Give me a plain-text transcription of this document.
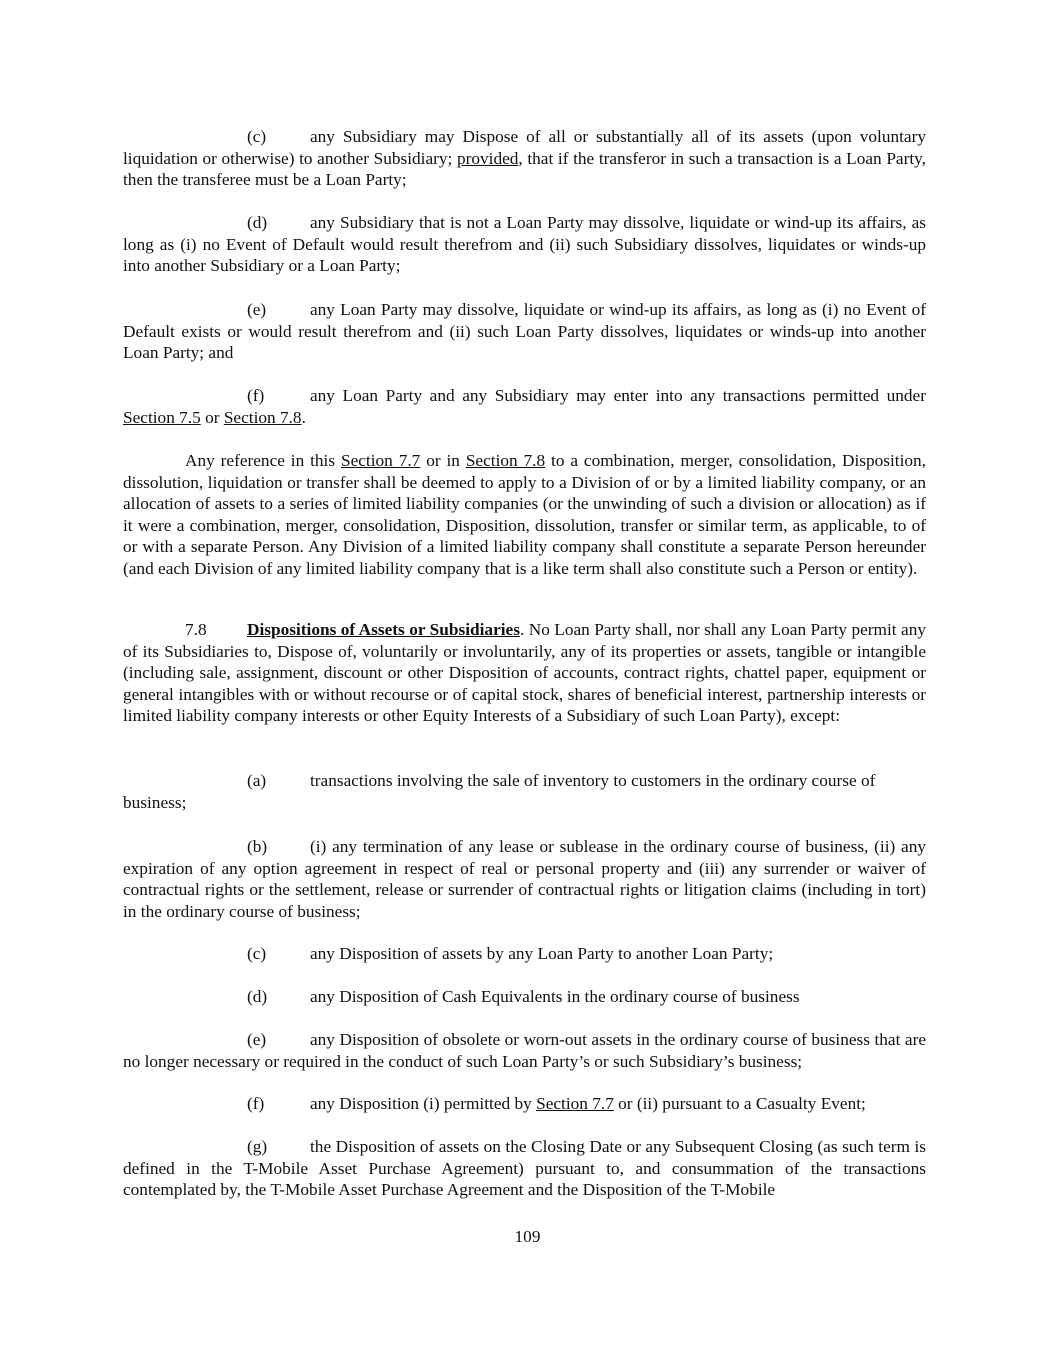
(c)	any Subsidiary may Dispose of all or substantially all of its assets (upon voluntary liquidation or otherwise) to another Subsidiary; provided, that if the transferor in such a transaction is a Loan Party, then the transferee must be a Loan Party;

(d) any Subsidiary that is not a Loan Party may dissolve, liquidate or wind-up its affairs, as long as (i) no Event of Default would result therefrom and (ii) such Subsidiary dissolves, liquidates or winds-up into another Subsidiary or a Loan Party;

(e)	any Loan Party may dissolve, liquidate or wind-up its affairs, as long as (i) no Event of Default exists or would result therefrom and (ii) such Loan Party dissolves, liquidates or winds-up into another Loan Party; and

(f)	any Loan Party and any Subsidiary may enter into any transactions permitted under Section 7.5 or Section 7.8.

Any reference in this Section 7.7 or in Section 7.8 to a combination, merger, consolidation, Disposition, dissolution, liquidation or transfer shall be deemed to apply to a Division of or by a limited liability company, or an allocation of assets to a series of limited liability companies (or the unwinding of such a division or allocation) as if it were a combination, merger, consolidation, Disposition, dissolution, transfer or similar term, as applicable, to of or with a separate Person. Any Division of a limited liability company shall constitute a separate Person hereunder (and each Division of any limited liability company that is a like term shall also constitute such a Person or entity).

7.8 Dispositions of Assets or Subsidiaries. No Loan Party shall, nor shall any Loan Party permit any of its Subsidiaries to, Dispose of, voluntarily or involuntarily, any of its properties or assets, tangible or intangible (including sale, assignment, discount or other Disposition of accounts, contract rights, chattel paper, equipment or general intangibles with or without recourse or of capital stock, shares of beneficial interest, partnership interests or limited liability company interests or other Equity Interests of a Subsidiary of such Loan Party), except:

(a)	transactions involving the sale of inventory to customers in the ordinary course of

business;

(b) (i) any termination of any lease or sublease in the ordinary course of business, (ii) any expiration of any option agreement in respect of real or personal property and (iii) any surrender or waiver of contractual rights or the settlement, release or surrender of contractual rights or litigation claims (including in tort) in the ordinary course of business;

(c)	any Disposition of assets by any Loan Party to another Loan Party;

(d) any Disposition of Cash Equivalents in the ordinary course of business

(e)	any Disposition of obsolete or worn-out assets in the ordinary course of business that are no longer necessary or required in the conduct of such Loan Party’s or such Subsidiary’s business;

(f)	any Disposition (i) permitted by Section 7.7 or (ii) pursuant to a Casualty Event;

(g) the Disposition of assets on the Closing Date or any Subsequent Closing (as such term is defined in the T-Mobile Asset Purchase Agreement) pursuant to, and consummation of the transactions contemplated by, the T-Mobile Asset Purchase Agreement and the Disposition of the T-Mobile

109
